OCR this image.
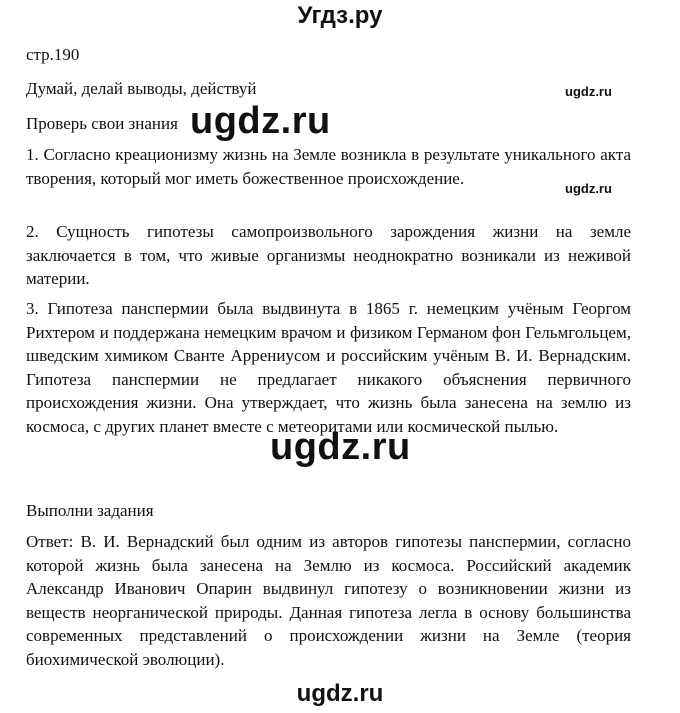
Угдз.ру
стр.190
Думай, делай выводы, действуй	ugdz.ru
Проверь свои знания ugdz.ru
1. Согласно креационизму жизнь на Земле возникла в результате уникального акта творения, который мог иметь божественное происхождение.
ugdz.ru
2. Сущность гипотезы самопроизвольного зарождения жизни на земле заключается в том, что живые организмы неоднократно возникали из неживой материи.
3. Гипотеза панспермии была выдвинута в 1865 г. немецким учёным Георгом Рихтером и поддержана немецким врачом и физиком Германом фон Гельмгольцем, шведским химиком Сванте Аррениусом и российским учёным В. И. Вернадским. Гипотеза панспермии не предлагает никакого объяснения первичного происхождения жизни. Она утверждает, что жизнь была занесена на землю из космоса, с других планет вместе с метеоритами или космической пылью.
ugdz.ru
Выполни задания
Ответ: В. И. Вернадский был одним из авторов гипотезы панспермии, согласно которой жизнь была занесена на Землю из космоса. Российский академик Александр Иванович Опарин выдвинул гипотезу о возникновении жизни из веществ неорганической природы. Данная гипотеза легла в основу большинства современных представлений о происхождении жизни на Земле (теория биохимической эволюции).
ugdz.ru
